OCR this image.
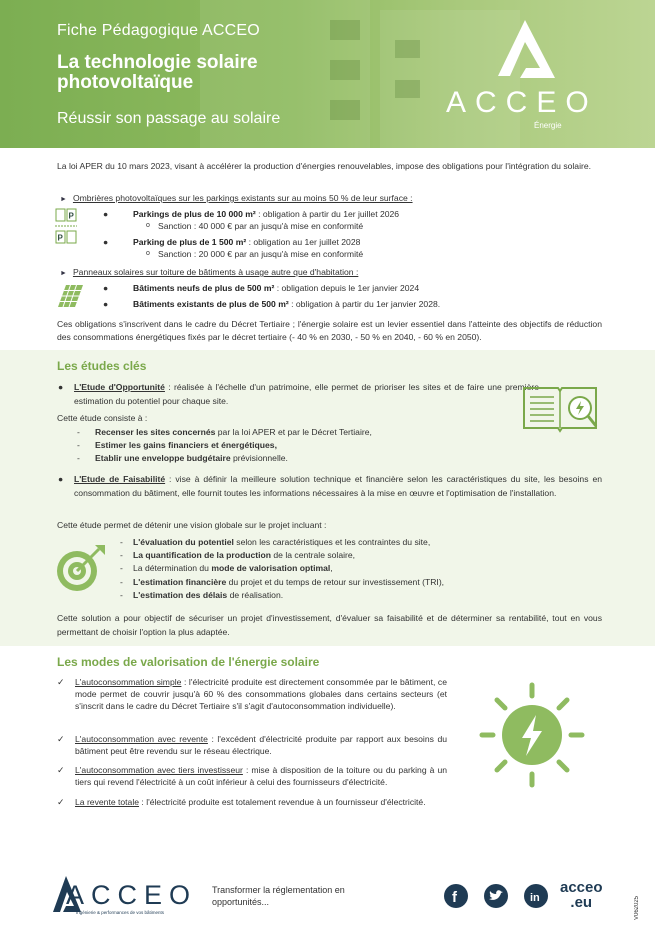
Fiche Pédagogique ACCEO
La technologie solaire photovoltaïque
Réussir son passage au solaire	ACCEO
Énergie
La loi APER du 10 mars 2023, visant à accélérer la production d'énergies renouvelables, impose des obligations pour l'intégration du solaire.
► Ombrières photovoltaïques sur les parkings existants sur au moins 50 % de leur surface :
P
P
●	Parkings de plus de 10 000 m² : obligation à partir du 1er juillet 2026
o Sanction : 40 000 € par an jusqu'à mise en conformité
●	Parking de plus de 1 500 m² : obligation au 1er juillet 2028
o Sanction : 20 000 € par an jusqu'à mise en conformité
► Panneaux solaires sur toiture de bâtiments à usage autre que d'habitation :
●	Bâtiments neufs de plus de 500 m² : obligation depuis le 1er janvier 2024
●	Bâtiments existants de plus de 500 m² : obligation à partir du 1er janvier 2028.
Ces obligations s'inscrivent dans le cadre du Décret Tertiaire ; l'énergie solaire est un levier essentiel dans l'atteinte des objectifs de réduction des consommations énergétiques fixés par le décret tertiaire (- 40 % en 2030, - 50 % en 2040, - 60 % en 2050).
Les études clés
● L'Etude d'Opportunité : réalisée à l'échelle d'un patrimoine, elle permet de prioriser les sites et de faire une première estimation du potentiel pour chaque site.
Cette étude consiste à :
- Recenser les sites concernés par la loi APER et par le Décret Tertiaire,
- Estimer les gains financiers et énergétiques,
- Etablir une enveloppe budgétaire prévisionnelle.
● L'Etude de Faisabilité : vise à définir la meilleure solution technique et financière selon les caractéristiques du site, les besoins en consommation du bâtiment, elle fournit toutes les informations nécessaires à la mise en œuvre et l'optimisation de l'installation.
Cette étude permet de détenir une vision globale sur le projet incluant :
- L'évaluation du potentiel selon les caractéristiques et les contraintes du site,
- La quantification de la production de la centrale solaire,
- La détermination du mode de valorisation optimal,
- L'estimation financière du projet et du temps de retour sur investissement (TRI),
- L'estimation des délais de réalisation.
Cette solution a pour objectif de sécuriser un projet d'investissement, d'évaluer sa faisabilité et de déterminer sa rentabilité, tout en vous permettant de choisir l'option la plus adaptée.
Les modes de valorisation de l'énergie solaire
✓ L'autoconsommation simple : l'électricité produite est directement consommée par le bâtiment, ce mode permet de couvrir jusqu'à 60 % des consommations globales dans certains secteurs (et s'inscrit dans le cadre du Décret Tertiaire s'il s'agit d'autoconsommation individuelle).
✓ L'autoconsommation avec revente : l'excédent d'électricité produite par rapport aux besoins du bâtiment peut être revendu sur le réseau électrique.
✓ L'autoconsommation avec tiers investisseur : mise à disposition de la toiture ou du parking à un tiers qui revend l'électricité à un coût inférieur à celui des fournisseurs d'électricité.
✓ La revente totale : l'électricité produite est totalement revendue à un fournisseur d'électricité.
ACCEO
Ingénierie & performances de vos bâtiments
Transformer la réglementation en opportunités...	f	in
acceo
.eu	V062025
